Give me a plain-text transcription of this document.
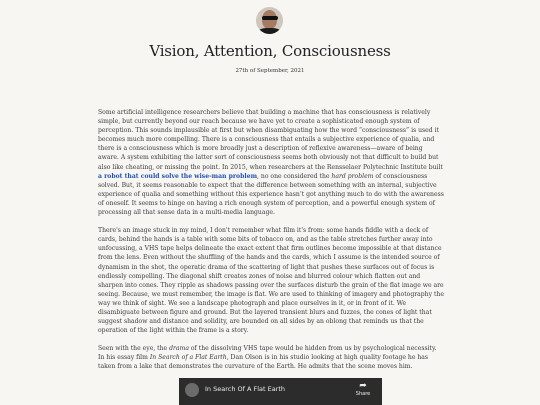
Vision, Attention, Consciousness
27th of September, 2021

Some artificial intelligence researchers believe that building a machine that has consciousness is relatively simple, but currently beyond our reach because we have yet to create a sophisticated enough system of perception. This sounds implausible at first but when disambiguating how the word “consciousness” is used it becomes much more compelling. There is a consciousness that entails a subjective experience of qualia, and there is a consciousness which is more broadly just a description of reflexive awareness—aware of being aware. A system exhibiting the latter sort of consciousness seems both obviously not that difficult to build but also like cheating, or missing the point. In 2015, when researchers at the Rensselaer Polytechnic Institute built a robot that could solve the wise-man problem, no one considered the hard problem of consciousness solved. But, it seems reasonable to expect that the difference between something with an internal, subjective experience of qualia and something without this experience hasn’t got anything much to do with the awareness of oneself. It seems to hinge on having a rich enough system of perception, and a powerful enough system of processing all that sense data in a multi-media language.

There's an image stuck in my mind, I don't remember what film it's from: some hands fiddle with a deck of cards, behind the hands is a table with some bits of tobacco on, and as the table stretches further away into unfocussing, a VHS tape helps delineate the exact extent that firm outlines become impossible at that distance from the lens. Even without the shuffling of the hands and the cards, which I assume is the intended source of dynamism in the shot, the operatic drama of the scattering of light that pushes these surfaces out of focus is endlessly compelling. The diagonal shift creates zones of noise and blurred colour which flatten out and sharpen into cones. They ripple as shadows passing over the surfaces disturb the grain of the flat image we are seeing. Because, we must remember, the image is flat. We are used to thinking of imagery and photography the way we think of sight. We see a landscape photograph and place ourselves in it, or in front of it. We disambiguate between figure and ground. But the layered transient blurs and fuzzes, the cones of light that suggest shadow and distance and solidity, are bounded on all sides by an oblong that reminds us that the operation of the light within the frame is a story.

Seen with the eye, the drama of the dissolving VHS tape would be hidden from us by psychological necessity. In his essay film In Search of a Flat Earth, Dan Olson is in his studio looking at high quality footage he has taken from a lake that demonstrates the curvature of the Earth. He admits that the scene moves him.

In Search Of A Flat Earth	➦
Share
